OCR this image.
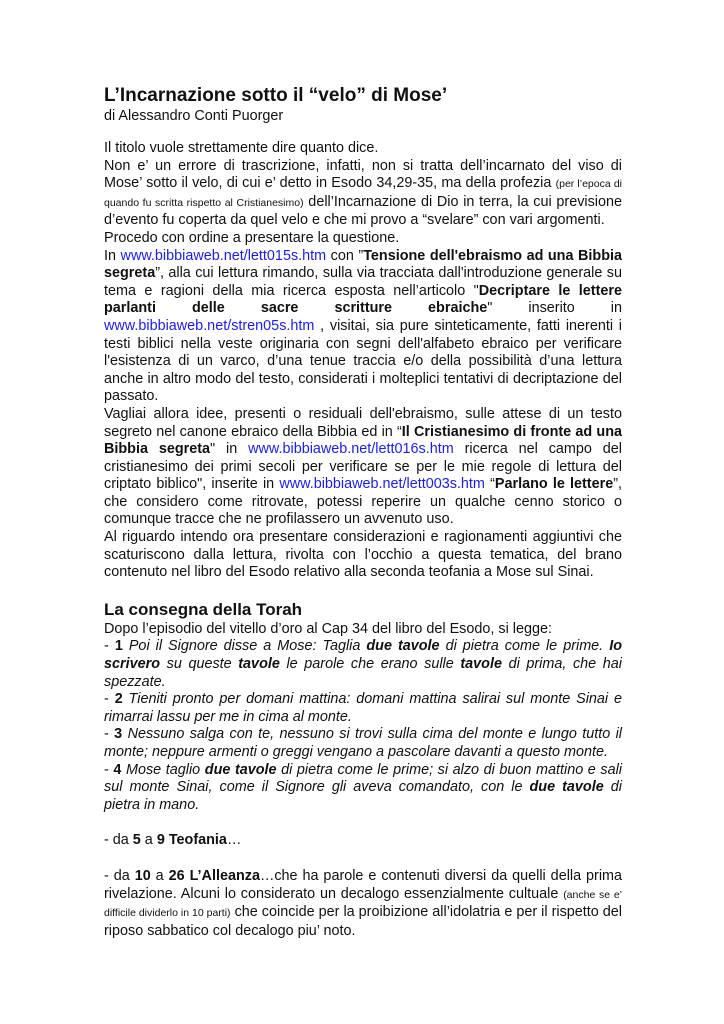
L’Incarnazione sotto il “velo” di Mose’
di Alessandro Conti Puorger

Il titolo vuole strettamente dire quanto dice.

Non e’ un errore di trascrizione, infatti, non si tratta dell’incarnato del viso di Mose’ sotto il velo, di cui e’ detto in Esodo 34,29-35, ma della profezia (per l’epoca di quando fu scritta rispetto al Cristianesimo) dell’Incarnazione di Dio in terra, la cui previsione d’evento fu coperta da quel velo e che mi provo a “svelare” con vari argomenti.

Procedo con ordine a presentare la questione.

In www.bibbiaweb.net/lett015s.htm con ”Tensione dell'ebraismo ad una Bibbia segreta”, alla cui lettura rimando, sulla via tracciata dall'introduzione generale su tema e ragioni della mia ricerca esposta nell’articolo "Decriptare le lettere parlanti delle sacre scritture ebraiche" inserito in www.bibbiaweb.net/stren05s.htm , visitai, sia pure sinteticamente, fatti inerenti i testi biblici nella veste originaria con segni dell'alfabeto ebraico per verificare l'esistenza di un varco, d’una tenue traccia e/o della possibilità d’una lettura anche in altro modo del testo, considerati i molteplici tentativi di decriptazione del passato.

Vagliai allora idee, presenti o residuali dell'ebraismo, sulle attese di un testo segreto nel canone ebraico della Bibbia ed in “Il Cristianesimo di fronte ad una Bibbia segreta" in www.bibbiaweb.net/lett016s.htm ricerca nel campo del cristianesimo dei primi secoli per verificare se per le mie regole di lettura del criptato biblico", inserite in www.bibbiaweb.net/lett003s.htm “Parlano le lettere”, che considero come ritrovate, potessi reperire un qualche cenno storico o comunque tracce che ne profilassero un avvenuto uso.

Al riguardo intendo ora presentare considerazioni e ragionamenti aggiuntivi che scaturiscono dalla lettura, rivolta con l’occhio a questa tematica, del brano contenuto nel libro del Esodo relativo alla seconda teofania a Mose sul Sinai.

La consegna della Torah

Dopo l’episodio del vitello d’oro al Cap 34 del libro del Esodo, si legge:

- 1 Poi il Signore disse a Mose: Taglia due tavole di pietra come le prime. Io scrivero su queste tavole le parole che erano sulle tavole di prima, che hai spezzate.

- 2 Tieniti pronto per domani mattina: domani mattina salirai sul monte Sinai e rimarrai lassu per me in cima al monte.

- 3 Nessuno salga con te, nessuno si trovi sulla cima del monte e lungo tutto il monte; neppure armenti o greggi vengano a pascolare davanti a questo monte.

- 4 Mose taglio due tavole di pietra come le prime; si alzo di buon mattino e sali sul monte Sinai, come il Signore gli aveva comandato, con le due tavole di pietra in mano.

- da 5 a 9 Teofania…

- da 10 a 26 L’Alleanza…che ha parole e contenuti diversi da quelli della prima rivelazione. Alcuni lo considerato un decalogo essenzialmente cultuale (anche se e’ difficile dividerlo in 10 parti) che coincide per la proibizione all’idolatria e per il rispetto del riposo sabbatico col decalogo piu’ noto.
